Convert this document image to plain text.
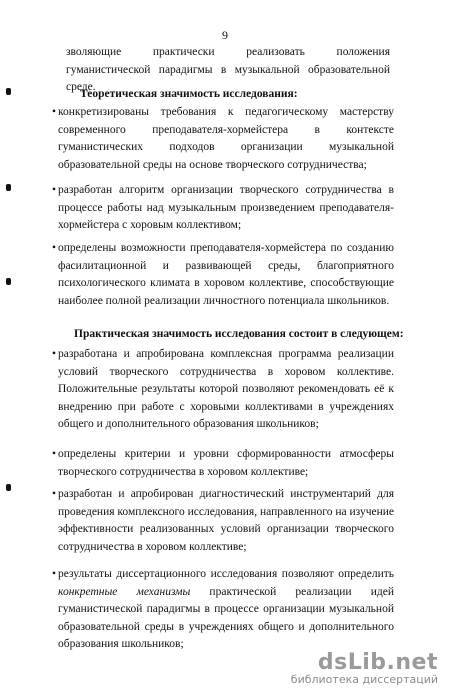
9
зволяющие практически реализовать положения гуманистической парадигмы в музыкальной образовательной среде.
Теоретическая значимость исследования:
• конкретизированы требования к педагогическому мастерству современного преподавателя-хормейстера в контексте гуманистических подходов организации музыкальной образовательной среды на основе творческого сотрудничества;
• разработан алгоритм организации творческого сотрудничества в процессе работы над музыкальным произведением преподавателя-хормейстера с хоровым коллективом;
• определены возможности преподавателя-хормейстера по созданию фасилитационной и развивающей среды, благоприятного психологического климата в хоровом коллективе, способствующие наиболее полной реализации личностного потенциала школьников.
Практическая значимость исследования состоит в следующем:
• разработана и апробирована комплексная программа реализации условий творческого сотрудничества в хоровом коллективе. Положительные результаты которой позволяют рекомендовать её к внедрению при работе с хоровыми коллективами в учреждениях общего и дополнительного образования школьников;
• определены критерии и уровни сформированности атмосферы творческого сотрудничества в хоровом коллективе;
• разработан и апробирован диагностический инструментарий для проведения комплексного исследования, направленного на изучение эффективности реализованных условий организации творческого сотрудничества в хоровом коллективе;
• результаты диссертационного исследования позволяют определить конкретные механизмы практической реализации идей гуманистической парадигмы в процессе организации музыкальной образовательной среды в учреждениях общего и дополнительного образования школьников;
dsLib.net
библиотека диссертаций
